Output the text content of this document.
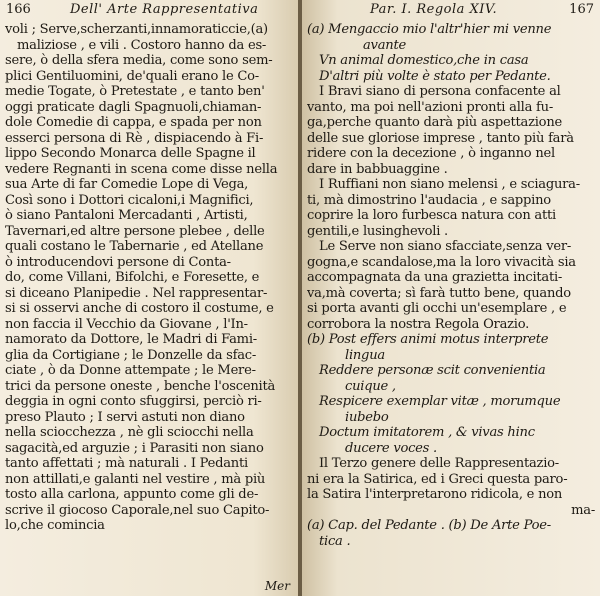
166	Dell' Arte Rappresentativa
voli ; Serve,scherzanti,innamoraticcie,(a)
maliziose , e vili . Costoro hanno da es-
sere, ò della sfera media, come sono sem-
plici Gentiluomini, de'quali erano le Co-
medie Togate, ò Pretestate , e tanto ben'
oggi praticate dagli Spagnuoli,chiaman-
dole Comedie di cappa, e spada per non
esserci persona di Rè , dispiacendo à Fi-
lippo Secondo Monarca delle Spagne il
vedere Regnanti in scena come disse nella
sua Arte di far Comedie Lope di Vega,
Così sono i Dottori cicaloni,i Magnifici,
ò siano Pantaloni Mercadanti , Artisti,
Tavernari,ed altre persone plebee , delle
quali costano le Tabernarie , ed Atellane
ò introducendovi persone di Conta-
do, come Villani, Bifolchi, e Foresette, e
si diceano Planipedie . Nel rappresentar-
si si osservi anche di costoro il costume, e
non faccia il Vecchio da Giovane , l'In-
namorato da Dottore, le Madri di Fami-
glia da Cortigiane ; le Donzelle da sfac-
ciate , ò da Donne attempate ; le Mere-
trici da persone oneste , benche l'oscenità
deggia in ogni conto sfuggirsi, perciò ri-
preso Plauto ; I servi astuti non diano
nella sciocchezza , nè gli sciocchi nella
sagacità,ed arguzie ; i Parasiti non siano
tanto affettati ; mà naturali . I Pedanti
non attillati,e galanti nel vestire , mà più
tosto alla carlona, appunto come gli de-
scrive il giocoso Caporale,nel suo Capito-
lo,che comincia
Mer
Par. I. Regola XIV.	167
(a) Mengaccio mio l'altr'hier mi venne
avante
Vn animal domestico,che in casa
D'altri più volte è stato per Pedante.
I Bravi siano di persona confacente al
vanto, ma poi nell'azioni pronti alla fu-
ga,perche quanto darà più aspettazione
delle sue gloriose imprese , tanto più farà
ridere con la decezione , ò inganno nel
dare in babbuaggine .
I Ruffiani non siano melensi , e sciagura-
ti, mà dimostrino l'audacia , e sappino
coprire la loro furbesca natura con atti
gentili,e lusinghevoli .
Le Serve non siano sfacciate,senza ver-
gogna,e scandalose,ma la loro vivacità sia
accompagnata da una grazietta incitati-
va,mà coverta; sì farà tutto bene, quando
si porta avanti gli occhi un'esemplare , e
corrobora la nostra Regola Orazio.
(b) Post effers animi motus interprete
lingua
Reddere personæ scit convenientia
cuique ,
Respicere exemplar vitæ , morumque
iubebo
Doctum imitatorem , & vivas hinc
ducere voces .
Il Terzo genere delle Rappresentazio-
ni era la Satirica, ed i Greci questa paro-
la Satira l'interpretarono ridicola, e non
ma-
(a) Cap. del Pedante . (b) De Arte Poe-
tica .
